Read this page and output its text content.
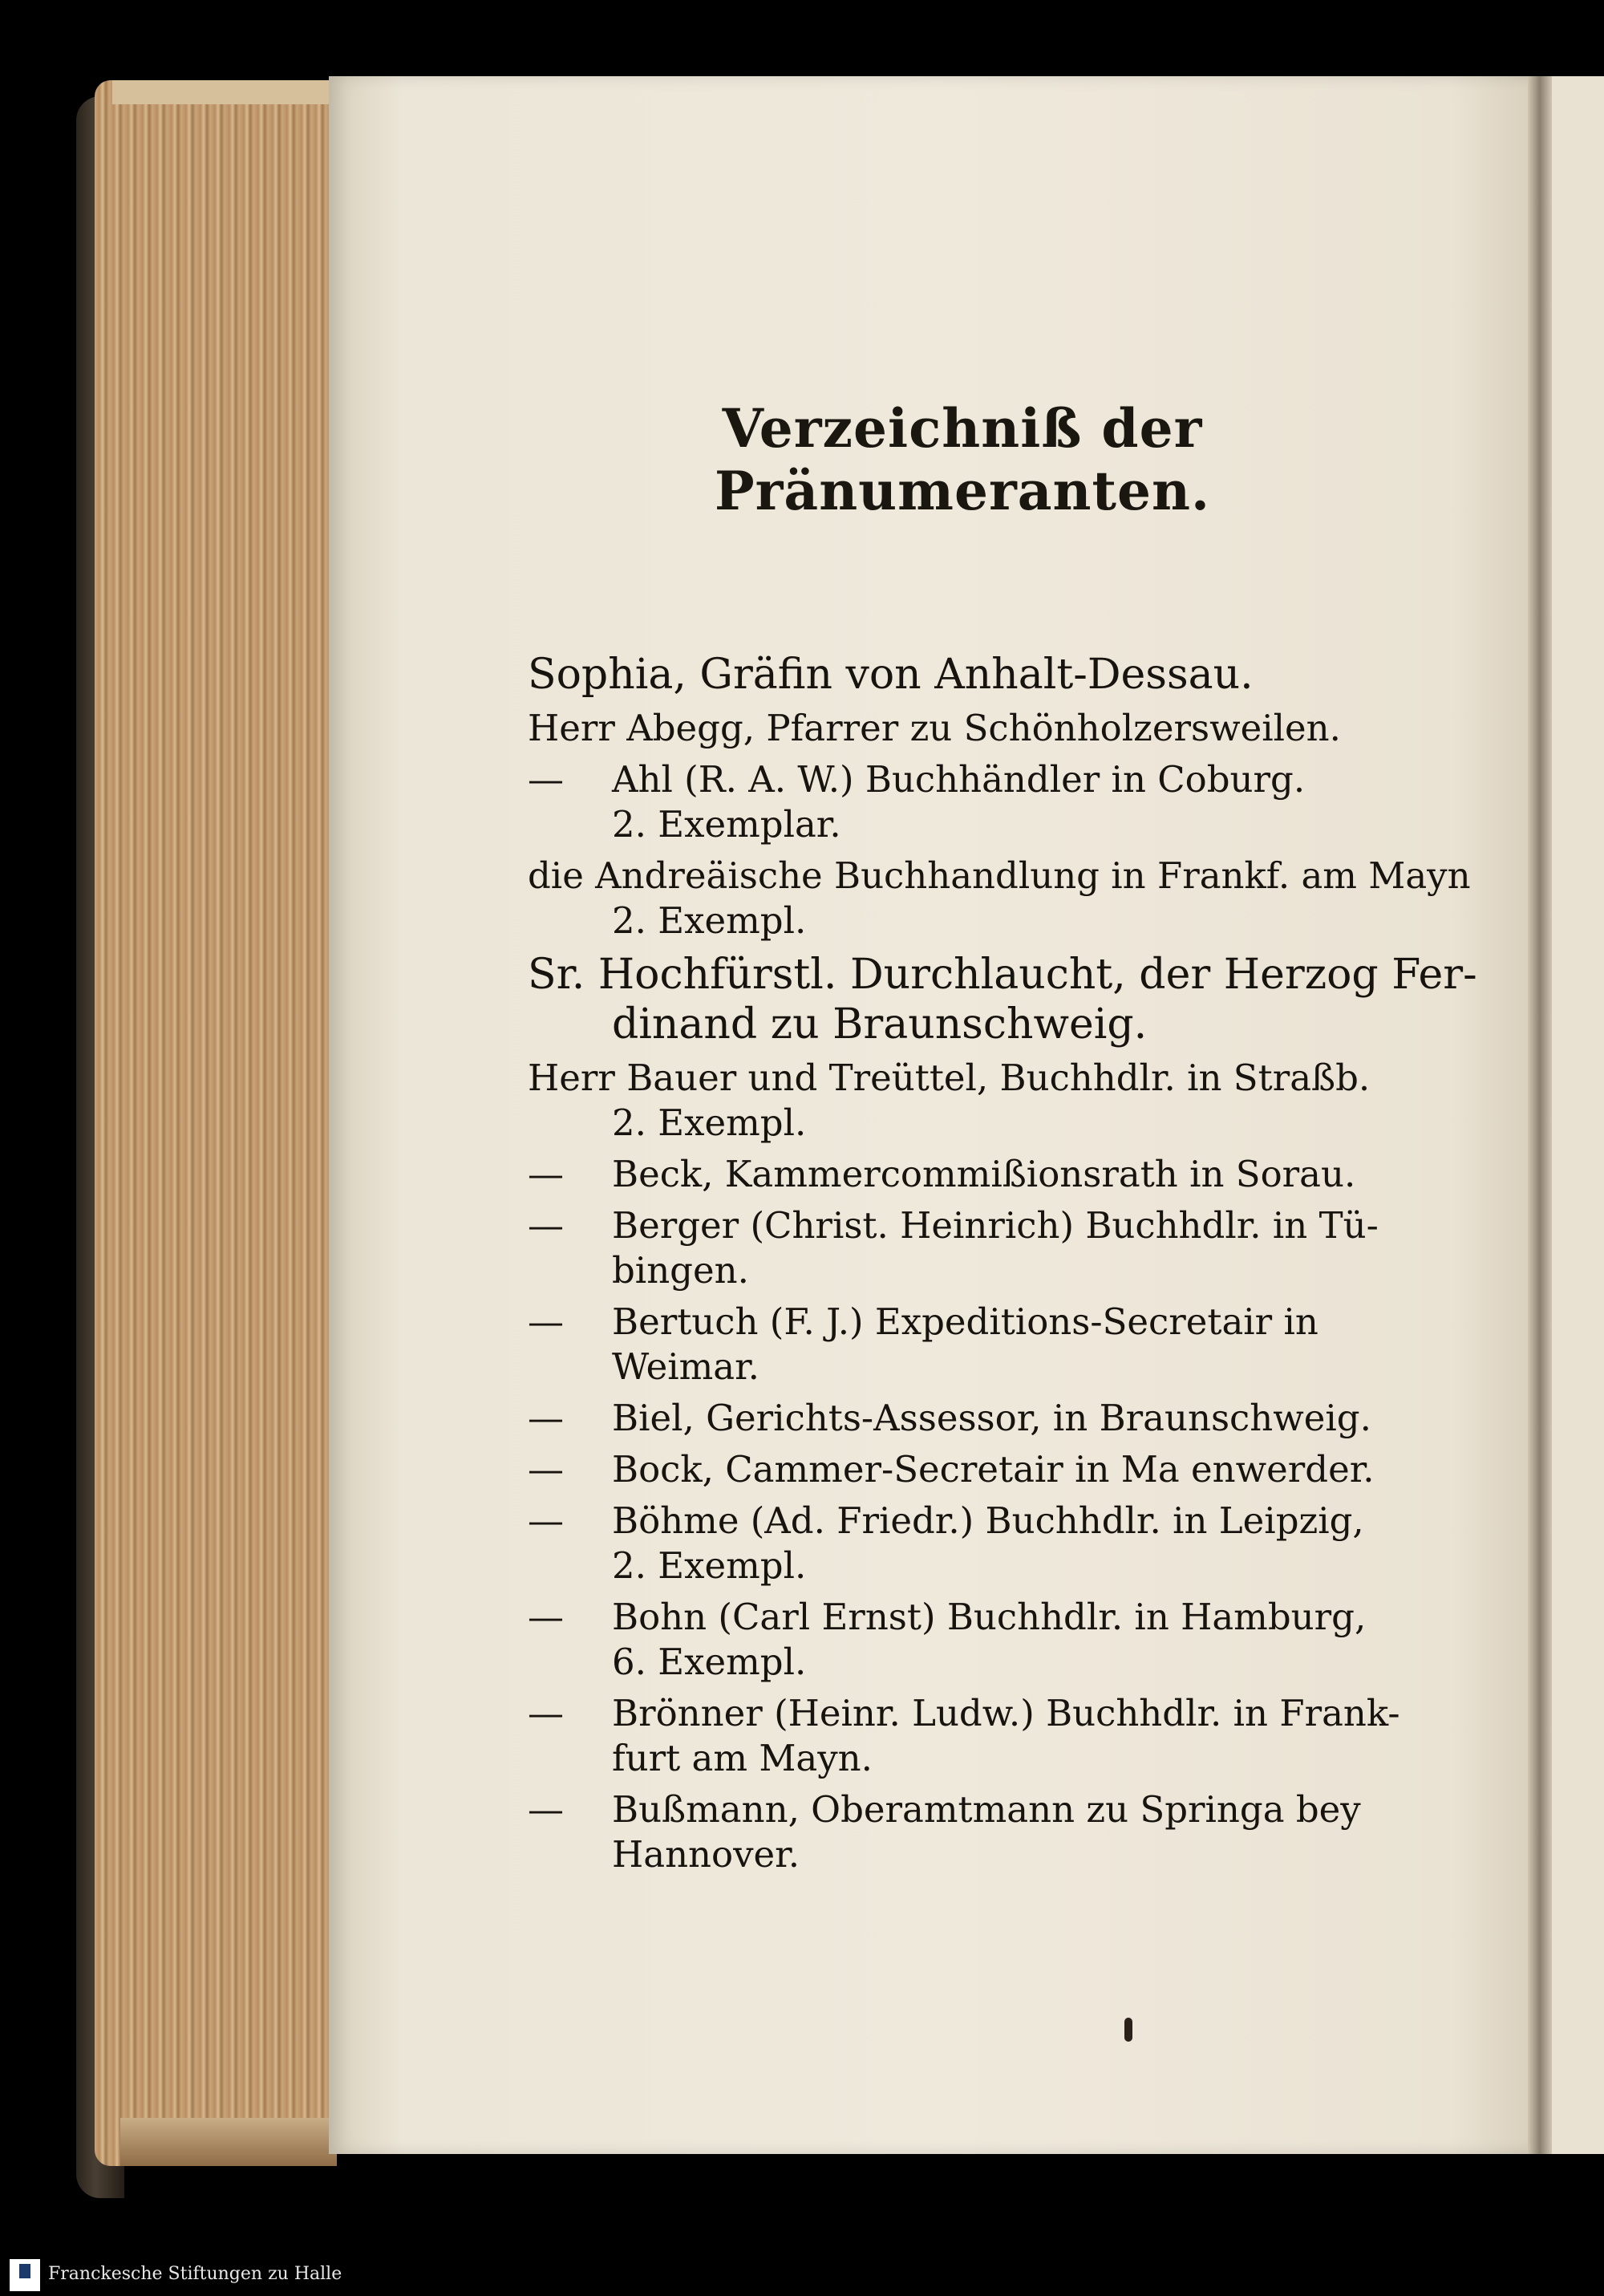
Verzeichniß der Pränumeranten.
Sophia, Gräfin von Anhalt-Dessau.
Herr Abegg, Pfarrer zu Schönholzersweilen.
— Ahl (R. A. W.) Buchhändler in Coburg.
2. Exemplar.
die Andreäische Buchhandlung in Frankf. am Mayn
2. Exempl.
Sr. Hochfürstl. Durchlaucht, der Herzog Fer-
dinand zu Braunschweig.
Herr Bauer und Treüttel, Buchhdlr. in Straßb.
2. Exempl.
— Beck, Kammercommißionsrath in Sorau.
— Berger (Christ. Heinrich) Buchhdlr. in Tü-
bingen.
— Bertuch (F. J.) Expeditions-Secretair in
Weimar.
— Biel, Gerichts-Assessor, in Braunschweig.
— Bock, Cammer-Secretair in Ma enwerder.
— Böhme (Ad. Friedr.) Buchhdlr. in Leipzig,
2. Exempl.
— Bohn (Carl Ernst) Buchhdlr. in Hamburg,
6. Exempl.
— Brönner (Heinr. Ludw.) Buchhdlr. in Frank-
furt am Mayn.
— Bußmann, Oberamtmann zu Springa bey
Hannover.
Franckesche Stiftungen zu Halle
